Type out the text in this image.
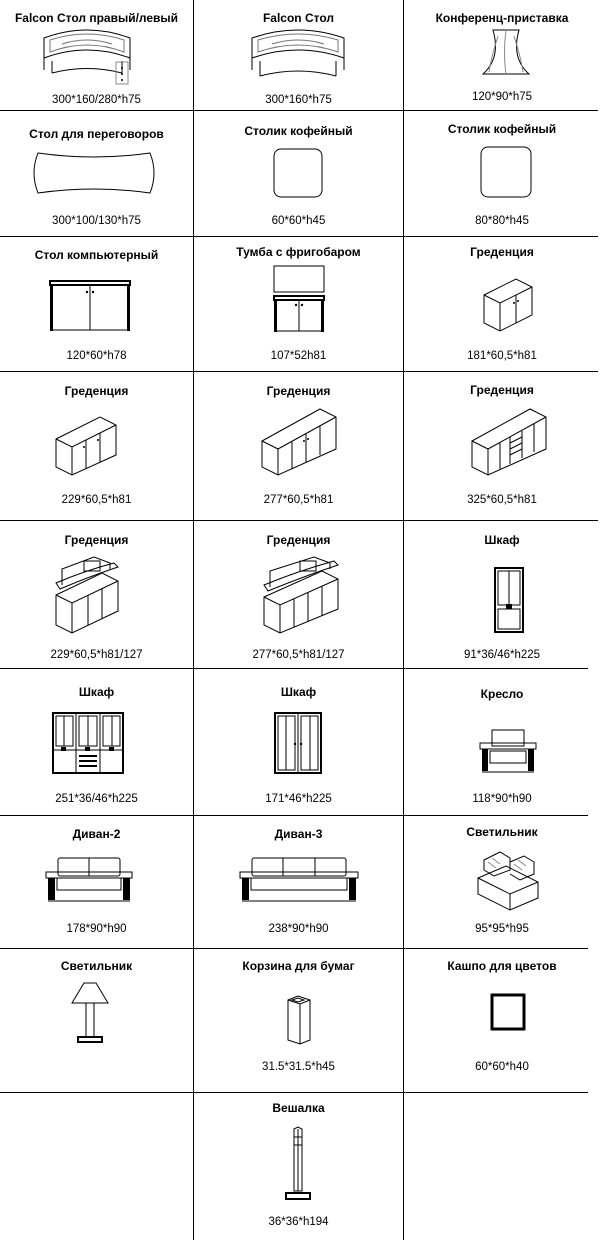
Falcon Стол правый/левый
300*160/280*h75
Falcon Стол
300*160*h75
Конференц-приставка
120*90*h75
Стол для переговоров
300*100/130*h75
Столик кофейный
60*60*h45
Столик кофейный
80*80*h45
Стол компьютерный
120*60*h78
Тумба с фригобаром
107*52h81
Греденция
181*60,5*h81
Греденция
229*60,5*h81
Греденция
277*60,5*h81
Греденция
325*60,5*h81
Греденция
229*60,5*h81/127
Греденция
277*60,5*h81/127
Шкаф
91*36/46*h225
Шкаф
251*36/46*h225
Шкаф
171*46*h225
Кресло
118*90*h90
Диван-2
178*90*h90
Диван-3
238*90*h90
Светильник
95*95*h95
Светильник	Корзина для бумаг
31.5*31.5*h45
Кашпо для цветов
60*60*h40
Вешалка
36*36*h194
